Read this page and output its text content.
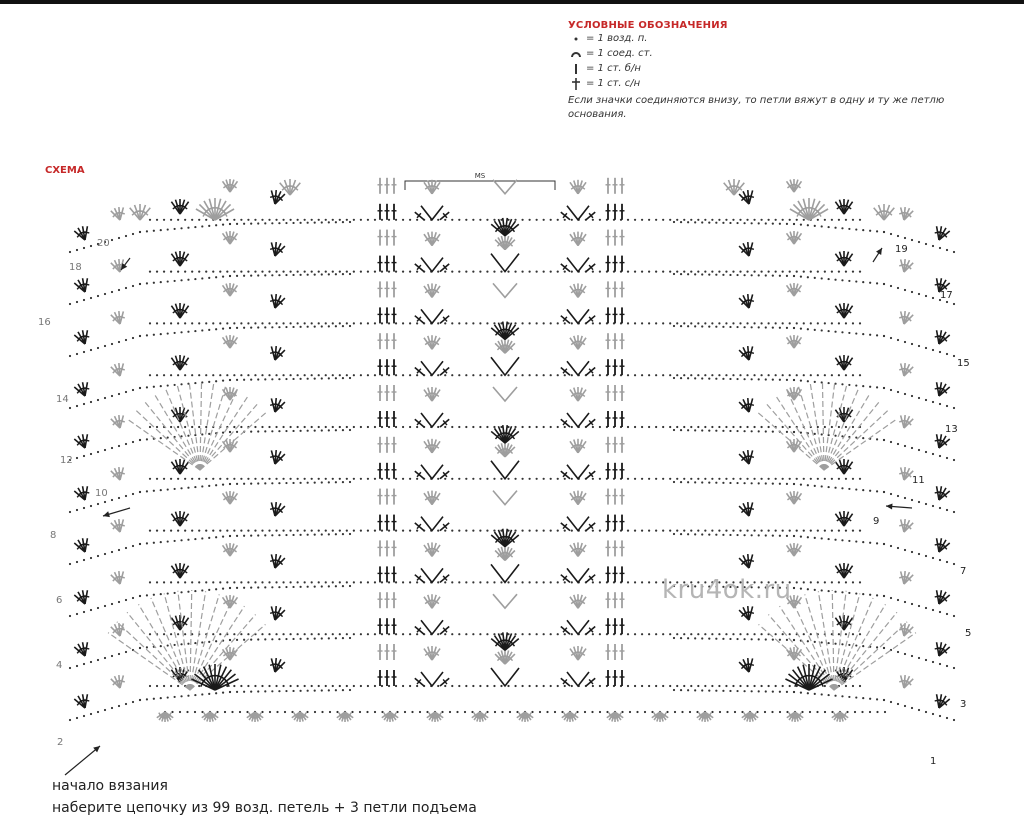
УСЛОВНЫЕ ОБОЗНАЧЕНИЯ
= 1 возд. п.
= 1 соед. ст.
= 1 ст. б/н
= 1 ст. с/н
Если значки соединяются внизу, то петли вяжут в одну и ту же петлю основания.
СХЕМА	MS
2
4
6
8
10
12
14
16
18
20
1
3
5
7
9
11
13
15
17
19
kru4ok.ru
начало вязания
наберите цепочку из 99 возд. петель + 3 петли подъема
